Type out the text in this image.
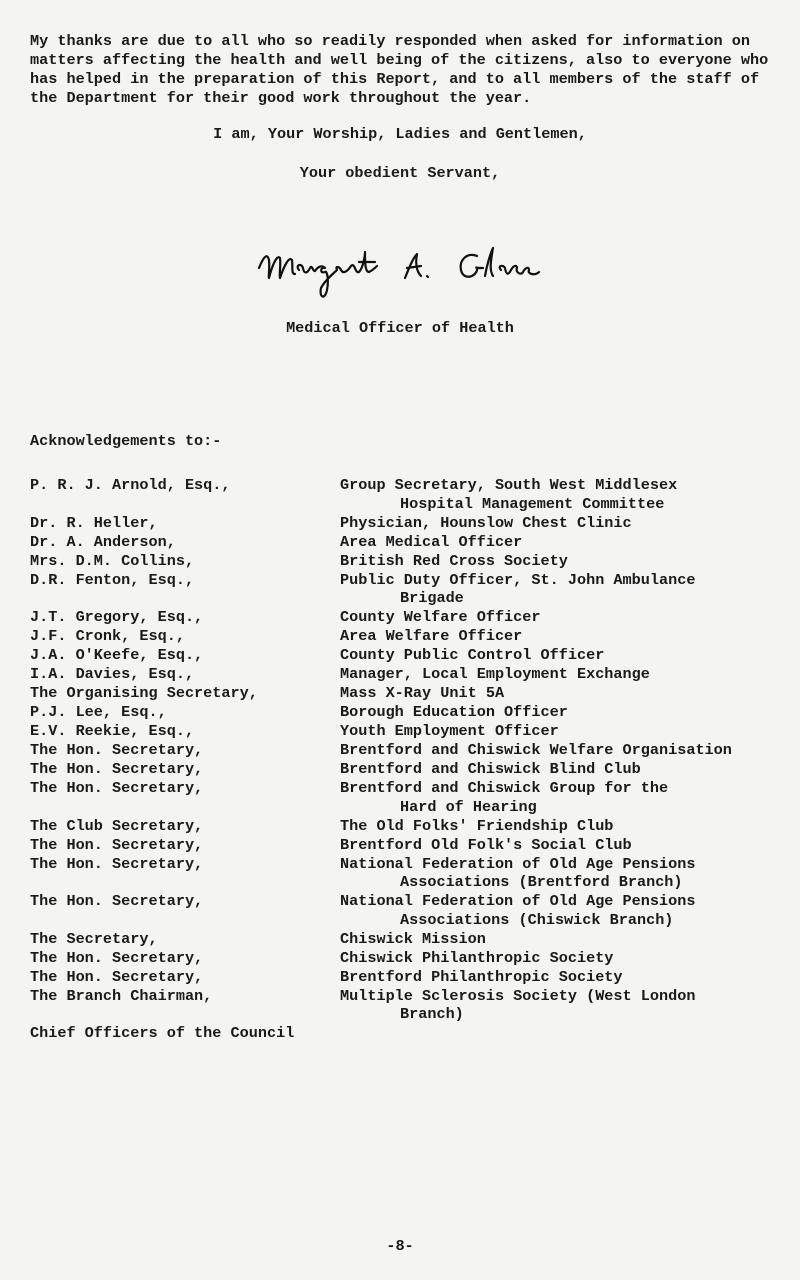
My thanks are due to all who so readily responded when asked for information on matters affecting the health and well being of the citizens, also to everyone who has helped in the preparation of this Report, and to all members of the staff of the Department for their good work throughout the year.

I am, Your Worship, Ladies and Gentlemen,

Your obedient Servant,

Medical Officer of Health

Acknowledgements to:-

P. R. J. Arnold, Esq.,	Group Secretary, South West Middlesex
Hospital Management Committee
Dr. R. Heller,	Physician, Hounslow Chest Clinic
Dr. A. Anderson,	Area Medical Officer
Mrs. D.M. Collins,	British Red Cross Society
D.R. Fenton, Esq.,	Public Duty Officer, St. John Ambulance
Brigade
J.T. Gregory, Esq.,	County Welfare Officer
J.F. Cronk, Esq.,	Area Welfare Officer
J.A. O'Keefe, Esq.,	County Public Control Officer
I.A. Davies, Esq.,	Manager, Local Employment Exchange
The Organising Secretary,	Mass X-Ray Unit 5A
P.J. Lee, Esq.,	Borough Education Officer
E.V. Reekie, Esq.,	Youth Employment Officer
The Hon. Secretary,	Brentford and Chiswick Welfare Organisation
The Hon. Secretary,	Brentford and Chiswick Blind Club
The Hon. Secretary,	Brentford and Chiswick Group for the
Hard of Hearing
The Club Secretary,	The Old Folks' Friendship Club
The Hon. Secretary,	Brentford Old Folk's Social Club
The Hon. Secretary,	National Federation of Old Age Pensions
Associations (Brentford Branch)
The Hon. Secretary,	National Federation of Old Age Pensions
Associations (Chiswick Branch)
The Secretary,	Chiswick Mission
The Hon. Secretary,	Chiswick Philanthropic Society
The Hon. Secretary,	Brentford Philanthropic Society
The Branch Chairman,	Multiple Sclerosis Society (West London
Branch)
Chief Officers of the Council

-8-
